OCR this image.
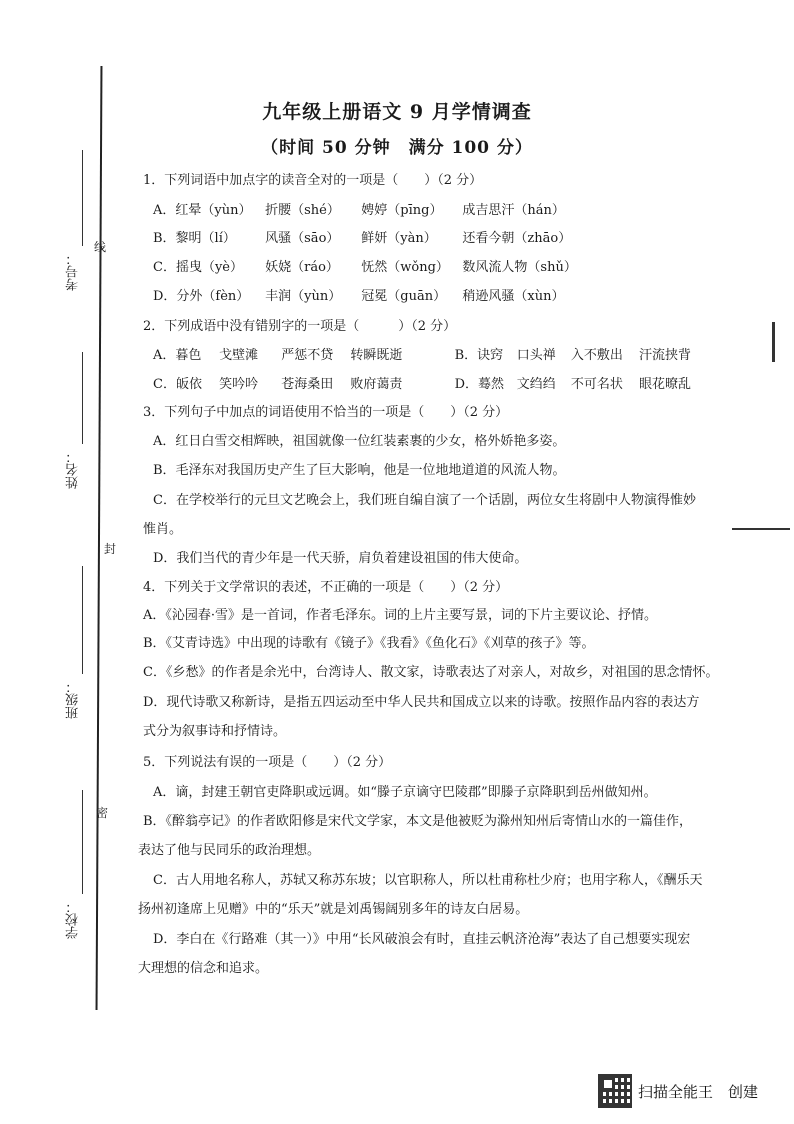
考号：
线
姓名：
封
班级：
密
学校：
九年级上册语文 9 月学情调查
（时间 50 分钟　满分 100 分）
1．下列词语中加点字的读音全对的一项是（　　）（2 分）
A．红晕（yùn） 折腰（shé） 娉婷（pīng） 成吉思汗（hán）
B．黎明（lí） 风骚（sāo） 鲜妍（yàn） 还看今朝（zhāo）
C．摇曳（yè） 妖娆（ráo） 怃然（wǒng） 数风流人物（shǔ）
D．分外（fèn） 丰润（yùn） 冠冕（guān） 稍逊风骚（xùn）
2．下列成语中没有错别字的一项是（　　　）（2 分）
A．暮色 戈壁滩 严惩不贷 转瞬既逝	B．诀窍 口头禅 入不敷出 汗流挟背
C．皈依 笑吟吟 苍海桑田 败府蔼责	D．蓦然 文绉绉 不可名状 眼花暸乱
3．下列句子中加点的词语使用不恰当的一项是（　　）（2 分）
A．红日白雪交相辉映，祖国就像一位红装素裹的少女，格外娇艳多姿。
B．毛泽东对我国历史产生了巨大影响，他是一位地地道道的风流人物。
C．在学校举行的元旦文艺晚会上，我们班自编自演了一个话剧，两位女生将剧中人物演得惟妙
惟肖。
D．我们当代的青少年是一代天骄，肩负着建设祖国的伟大使命。
4．下列关于文学常识的表述，不正确的一项是（　　）（2 分）
A．《沁园春·雪》是一首词，作者毛泽东。词的上片主要写景，词的下片主要议论、抒情。
B．《艾青诗选》中出现的诗歌有《镜子》《我看》《鱼化石》《刈草的孩子》等。
C．《乡愁》的作者是余光中，台湾诗人、散文家，诗歌表达了对亲人，对故乡，对祖国的思念情怀。
D．现代诗歌又称新诗，是指五四运动至中华人民共和国成立以来的诗歌。按照作品内容的表达方
式分为叙事诗和抒情诗。
5．下列说法有误的一项是（　　）（2 分）
A．谪，封建王朝官吏降职或远调。如“滕子京谪守巴陵郡”即滕子京降职到岳州做知州。
B．《醉翁亭记》的作者欧阳修是宋代文学家，本文是他被贬为滁州知州后寄情山水的一篇佳作，
表达了他与民同乐的政治理想。
C．古人用地名称人，苏轼又称苏东坡；以官职称人，所以杜甫称杜少府；也用字称人，《酬乐天
扬州初逢席上见赠》中的“乐天”就是刘禹锡阔别多年的诗友白居易。
D．李白在《行路难（其一）》中用“长风破浪会有时，直挂云帆济沧海”表达了自己想要实现宏
大理想的信念和追求。
扫描全能王　创建
